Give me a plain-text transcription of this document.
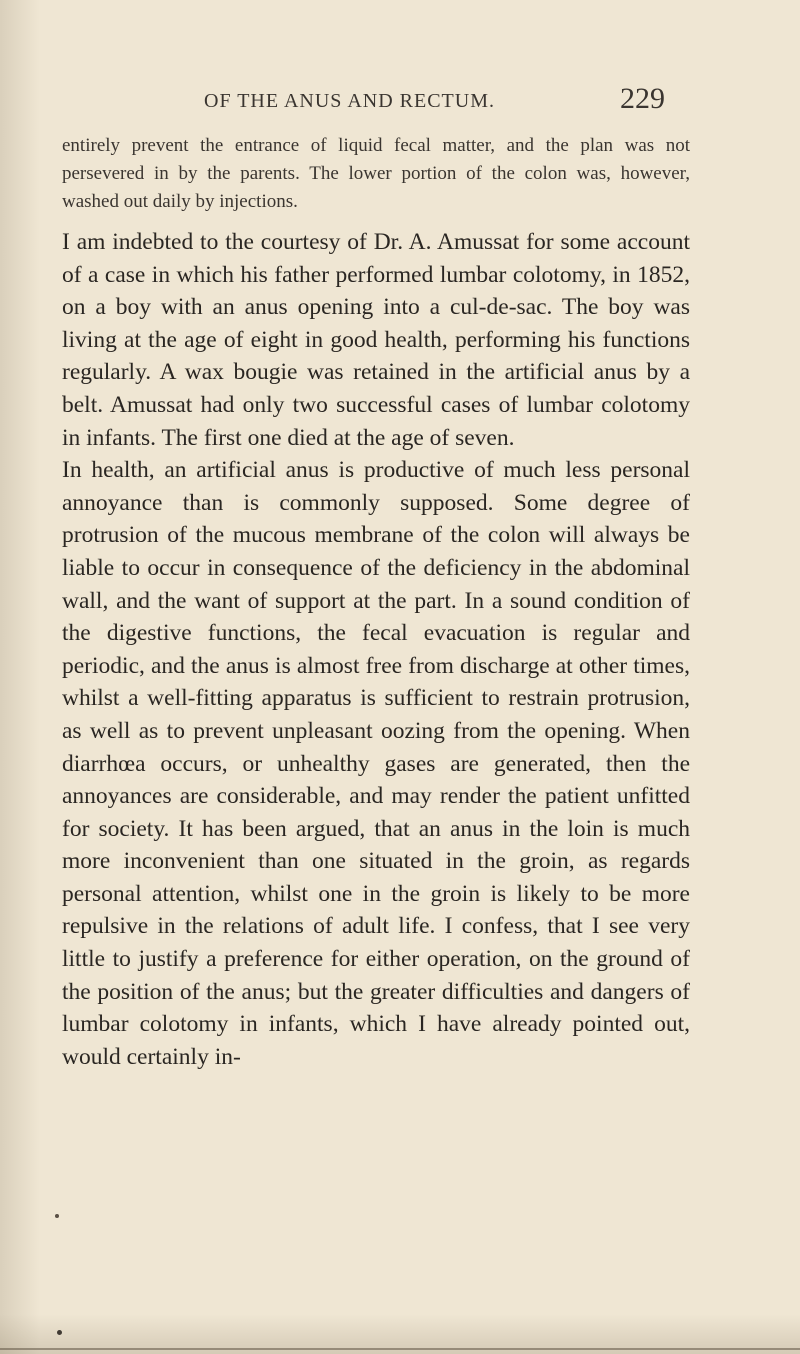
OF THE ANUS AND RECTUM.	229

entirely prevent the entrance of liquid fecal matter, and the plan was not persevered in by the parents. The lower portion of the colon was, however, washed out daily by injections.

I am indebted to the courtesy of Dr. A. Amussat for some account of a case in which his father performed lumbar colotomy, in 1852, on a boy with an anus opening into a cul-de-sac. The boy was living at the age of eight in good health, performing his functions regularly. A wax bougie was retained in the artificial anus by a belt. Amussat had only two successful cases of lumbar colotomy in infants. The first one died at the age of seven.

In health, an artificial anus is productive of much less personal annoyance than is commonly supposed. Some degree of protrusion of the mucous membrane of the colon will always be liable to occur in consequence of the deficiency in the abdominal wall, and the want of support at the part. In a sound condition of the digestive functions, the fecal evacuation is regular and periodic, and the anus is almost free from discharge at other times, whilst a well-fitting apparatus is sufficient to restrain protrusion, as well as to prevent unpleasant oozing from the opening. When diarrhœa occurs, or unhealthy gases are generated, then the annoyances are considerable, and may render the patient unfitted for society. It has been argued, that an anus in the loin is much more inconvenient than one situated in the groin, as regards personal attention, whilst one in the groin is likely to be more repulsive in the relations of adult life. I confess, that I see very little to justify a preference for either operation, on the ground of the position of the anus; but the greater difficulties and dangers of lumbar colotomy in infants, which I have already pointed out, would certainly in-
